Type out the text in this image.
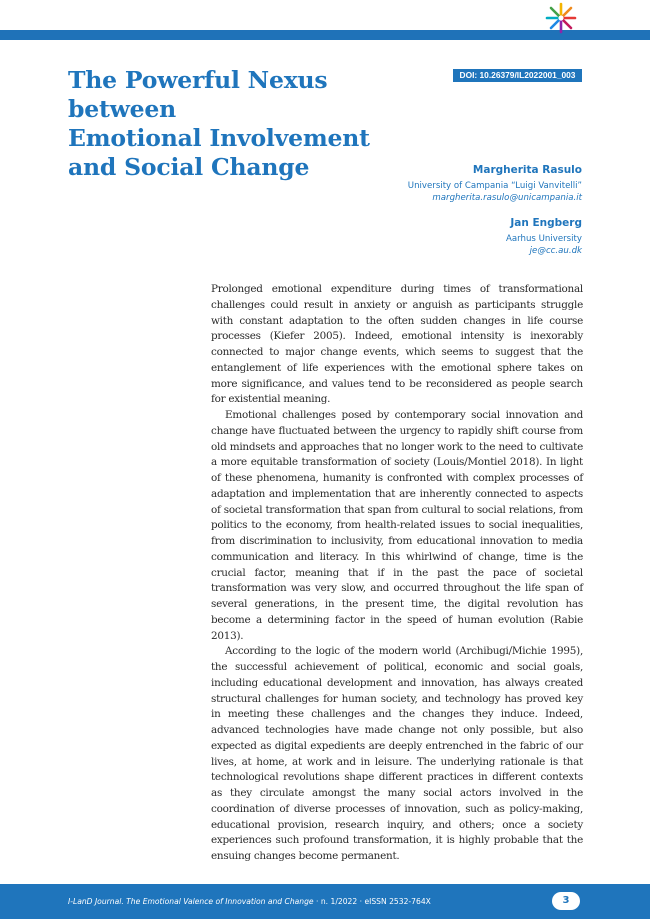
The Powerful Nexus between
Emotional Involvement
and Social Change
DOI: 10.26379/IL2022001_003
Margherita Rasulo
University of Campania “Luigi Vanvitelli”
margherita.rasulo@unicampania.it
Jan Engberg
Aarhus University
je@cc.au.dk

Prolonged emotional expenditure during times of transformational challenges could result in anxiety or anguish as participants struggle with constant adaptation to the often sudden changes in life course processes (Kiefer 2005). Indeed, emotional intensity is inexorably connected to major change events, which seems to suggest that the entanglement of life experiences with the emotional sphere takes on more significance, and values tend to be reconsidered as people search for existential meaning.

Emotional challenges posed by contemporary social innovation and change have fluctuated between the urgency to rapidly shift course from old mindsets and approaches that no longer work to the need to cultivate a more equitable transformation of society (Louis/Montiel 2018). In light of these phenomena, humanity is confronted with complex processes of adaptation and implementation that are inherently connected to aspects of societal transformation that span from cultural to social relations, from politics to the economy, from health-related issues to social inequalities, from discrimination to inclusivity, from educational innovation to media communication and literacy. In this whirlwind of change, time is the crucial factor, meaning that if in the past the pace of societal transformation was very slow, and occurred throughout the life span of several generations, in the present time, the digital revolution has become a determining factor in the speed of human evolution (Rabie 2013).

According to the logic of the modern world (Archibugi/Michie 1995), the successful achievement of political, economic and social goals, including educational development and innovation, has always created structural challenges for human society, and technology has proved key in meeting these challenges and the changes they induce. Indeed, advanced technologies have made change not only possible, but also expected as digital expedients are deeply entrenched in the fabric of our lives, at home, at work and in leisure. The underlying rationale is that technological revolutions shape different practices in different contexts as they circulate amongst the many social actors involved in the coordination of diverse processes of innovation, such as policy-making, educational provision, research inquiry, and others; once a society experiences such profound transformation, it is highly probable that the ensuing changes become permanent.

I-LanD Journal. The Emotional Valence of Innovation and Change · n. 1/2022 · eISSN 2532-764X	3
